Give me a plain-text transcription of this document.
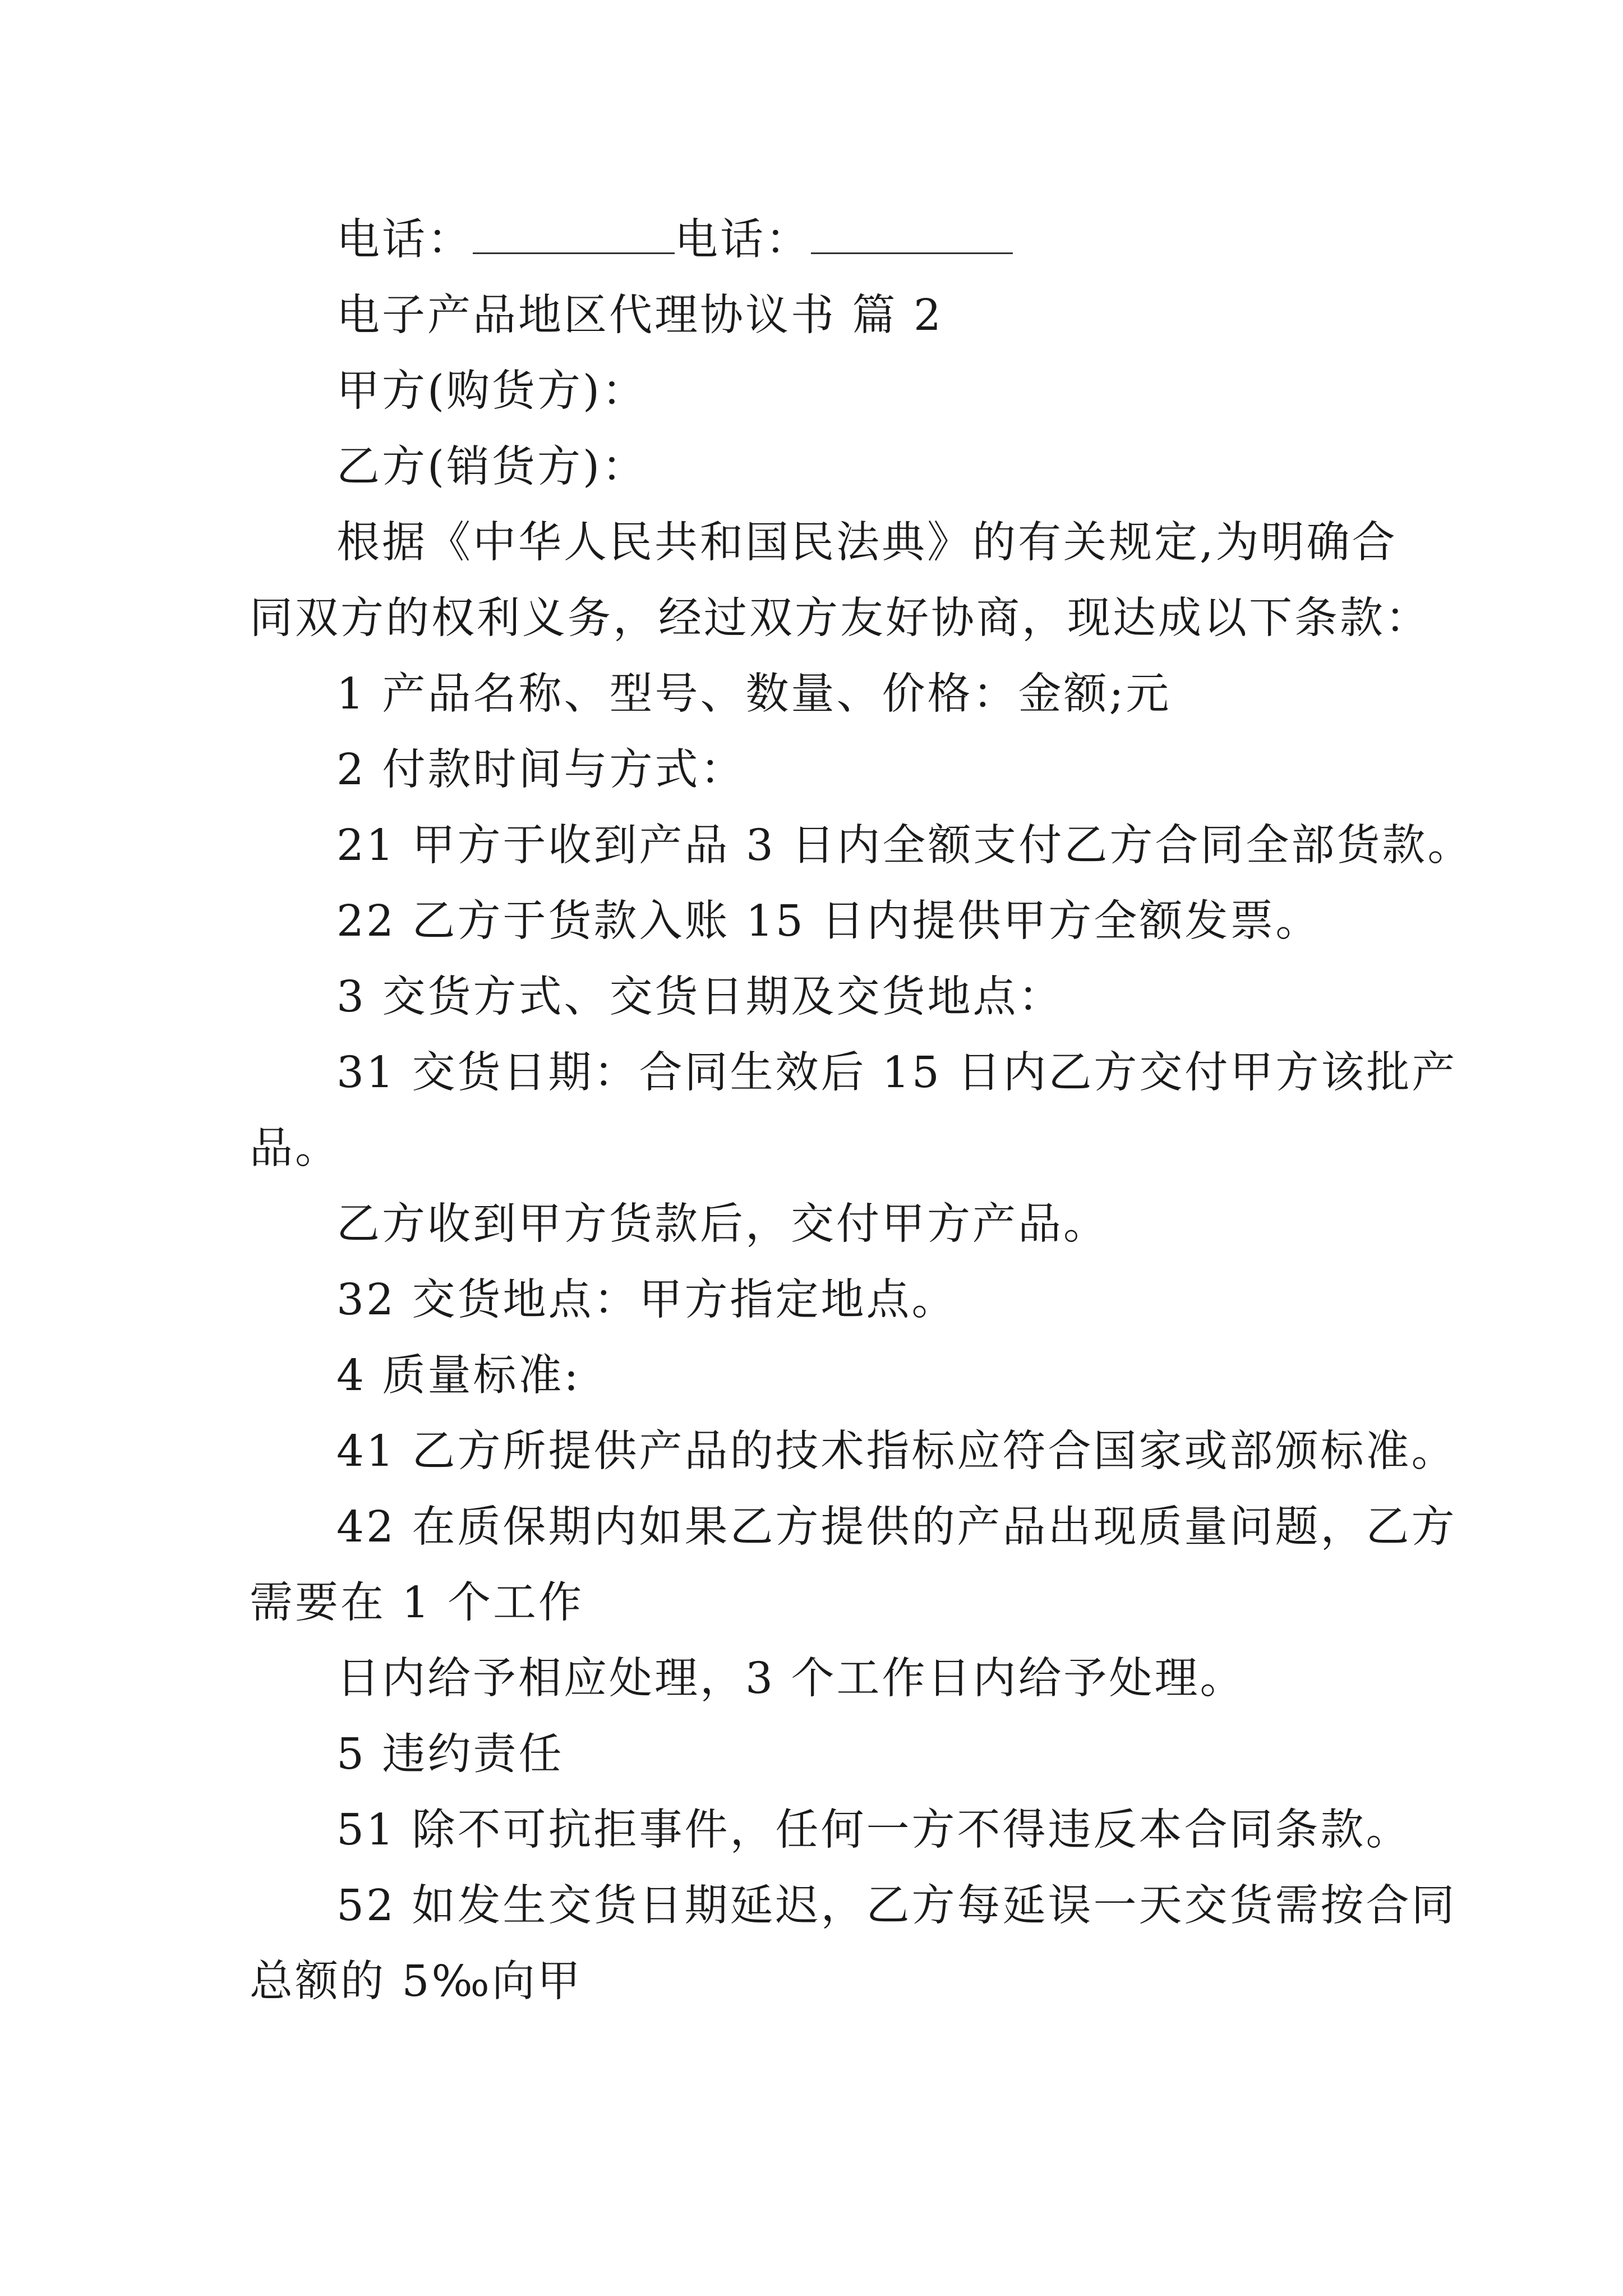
电话：	电话：
电子产品地区代理协议书 篇 2
甲方(购货方)：
乙方(销货方)：
根据《中华人民共和国民法典》的有关规定,为明确合
同双方的权利义务，经过双方友好协商，现达成以下条款：
1 产品名称、型号、数量、价格：金额;元
2 付款时间与方式：
21 甲方于收到产品 3 日内全额支付乙方合同全部货款。
22 乙方于货款入账 15 日内提供甲方全额发票。
3 交货方式、交货日期及交货地点：
31 交货日期：合同生效后 15 日内乙方交付甲方该批产
品。
乙方收到甲方货款后，交付甲方产品。
32 交货地点：甲方指定地点。
4 质量标准:
41 乙方所提供产品的技术指标应符合国家或部颁标准。
42 在质保期内如果乙方提供的产品出现质量问题，乙方
需要在 1 个工作
日内给予相应处理，3 个工作日内给予处理。
5 违约责任
51 除不可抗拒事件，任何一方不得违反本合同条款。
52 如发生交货日期延迟，乙方每延误一天交货需按合同
总额的 5‰向甲
